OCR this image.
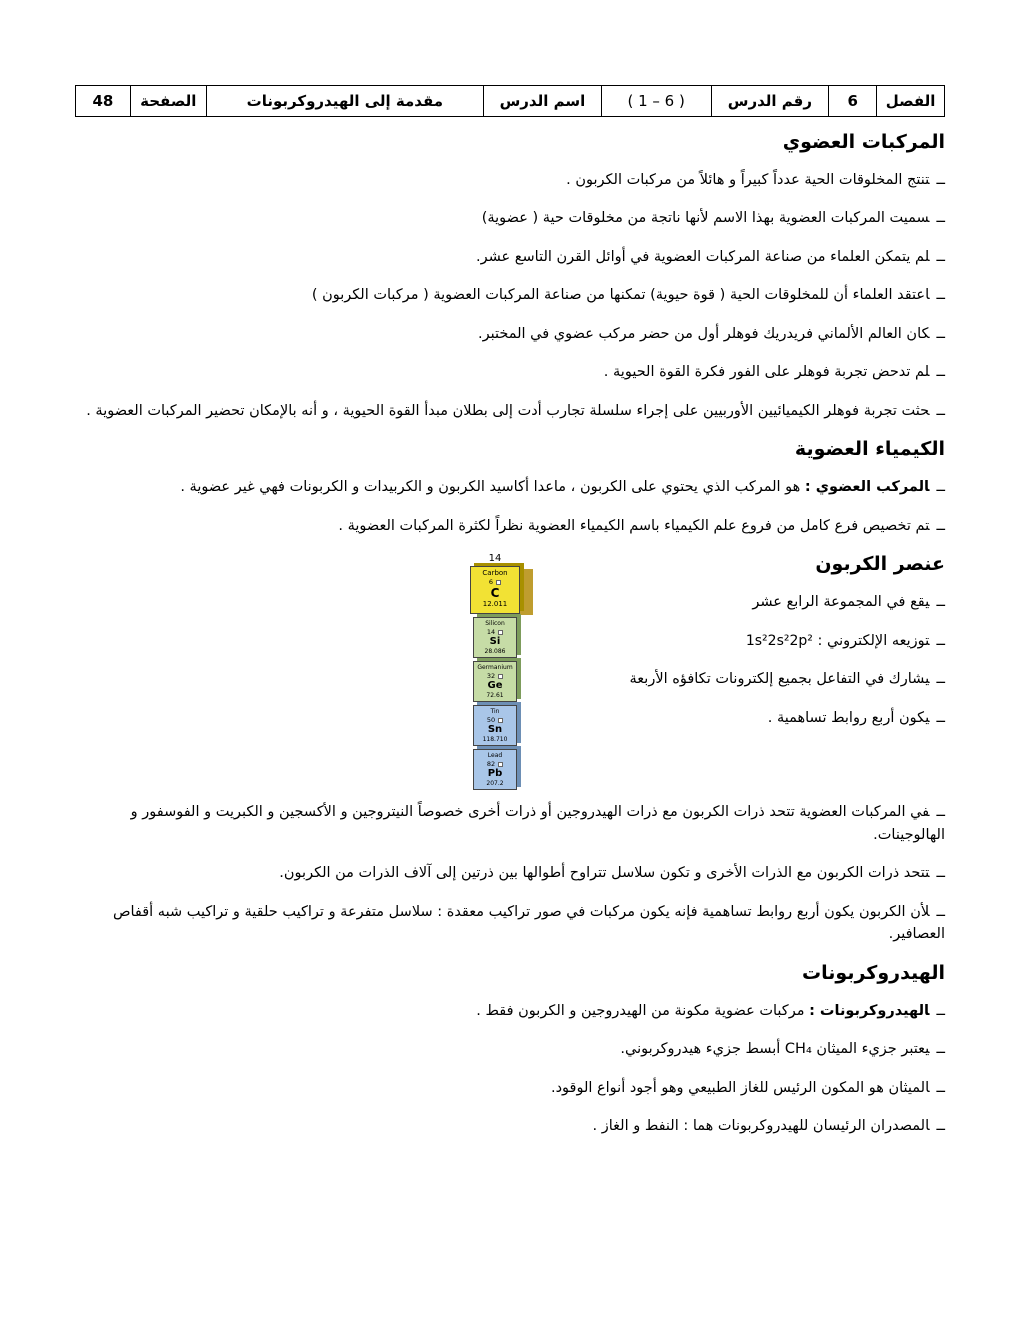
الفصل
6
رقم الدرس
( 1 – 6 )
اسم الدرس
مقدمة إلى الهيدروكربونات
الصفحة
48
المركبات العضوي

ــتنتج المخلوقات الحية عدداً كبيراً و هائلاً من مركبات الكربون .

ــسميت المركبات العضوية بهذا الاسم لأنها ناتجة من مخلوقات حية ( عضوية)

ــلم يتمكن العلماء من صناعة المركبات العضوية في أوائل القرن التاسع عشر.

ــاعتقد العلماء أن للمخلوقات الحية ( قوة حيوية) تمكنها من صناعة المركبات العضوية ( مركبات الكربون )

ــكان العالم الألماني فريدريك فوهلر أول من حضر مركب عضوي في المختبر.

ــلم تدحض تجربة فوهلر على الفور فكرة القوة الحيوية .

ــحثت تجربة فوهلر الكيميائيين الأوربيين على إجراء سلسلة تجارب أدت إلى بطلان مبدأ القوة الحيوية ، و أنه بالإمكان تحضير المركبات العضوية .

الكيمياء العضوية

ــالمركب العضوي : هو المركب الذي يحتوي على الكربون ، ماعدا أكاسيد الكربون و الكربيدات و الكربونات فهي غير عضوية .

ــتم تخصيص فرع كامل من فروع علم الكيمياء باسم الكيمياء العضوية نظراً لكثرة المركبات العضوية .

14
Carbon
6
C
12.011
Silicon
14
Si
28.086
Germanium
32
Ge
72.61
Tin
50
Sn
118.710
Lead
82
Pb
207.2
عنصر الكربون

ــيقع في المجموعة الرابع عشر

ــتوزيعه الإلكتروني : 1s²2s²2p²

ــيشارك في التفاعل بجميع إلكترونات تكافؤه الأربعة

ــيكون أربع روابط تساهمية .

ــفي المركبات العضوية تتحد ذرات الكربون مع ذرات الهيدروجين أو ذرات أخرى خصوصاً النيتروجين و الأكسجين و الكبريت و الفوسفور و الهالوجينات.

ــتتحد ذرات الكربون مع الذرات الأخرى و تكون سلاسل تتراوح أطوالها بين ذرتين إلى آلاف الذرات من الكربون.

ــلأن الكربون يكون أربع روابط تساهمية فإنه يكون مركبات في صور تراكيب معقدة : سلاسل متفرعة و تراكيب حلقية و تراكيب شبه أقفاص العصافير.

الهيدروكربونات

ــالهيدروكربونات : مركبات عضوية مكونة من الهيدروجين و الكربون فقط .

ــيعتبر جزيء الميثان CH₄ أبسط جزيء هيدروكربوني.

ــالميثان هو المكون الرئيس للغاز الطبيعي وهو أجود أنواع الوقود.

ــالمصدران الرئيسان للهيدروكربونات هما : النفط و الغاز .
